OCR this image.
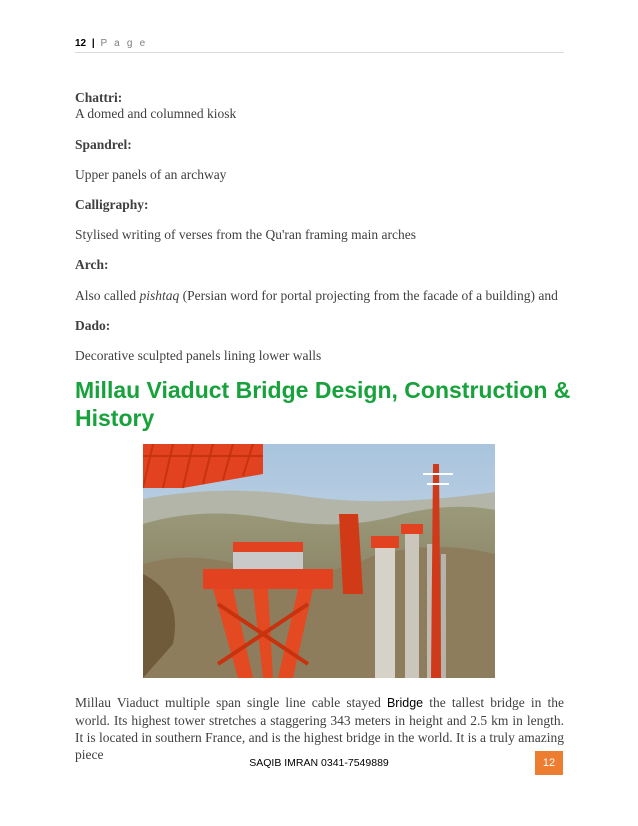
12 | P a g e
Chattri:
A domed and columned kiosk
Spandrel:
Upper panels of an archway
Calligraphy:
Stylised writing of verses from the Qu'ran framing main arches
Arch:
Also called pishtaq (Persian word for portal projecting from the facade of a building) and
Dado:
Decorative sculpted panels lining lower walls
Millau Viaduct Bridge Design, Construction & History
Millau Viaduct multiple span single line cable stayed Bridge the tallest bridge in the world. Its highest tower stretches a staggering 343 meters in height and 2.5 km in length. It is located in southern France, and is the highest bridge in the world. It is a truly amazing piece
SAQIB IMRAN 0341-7549889	12
